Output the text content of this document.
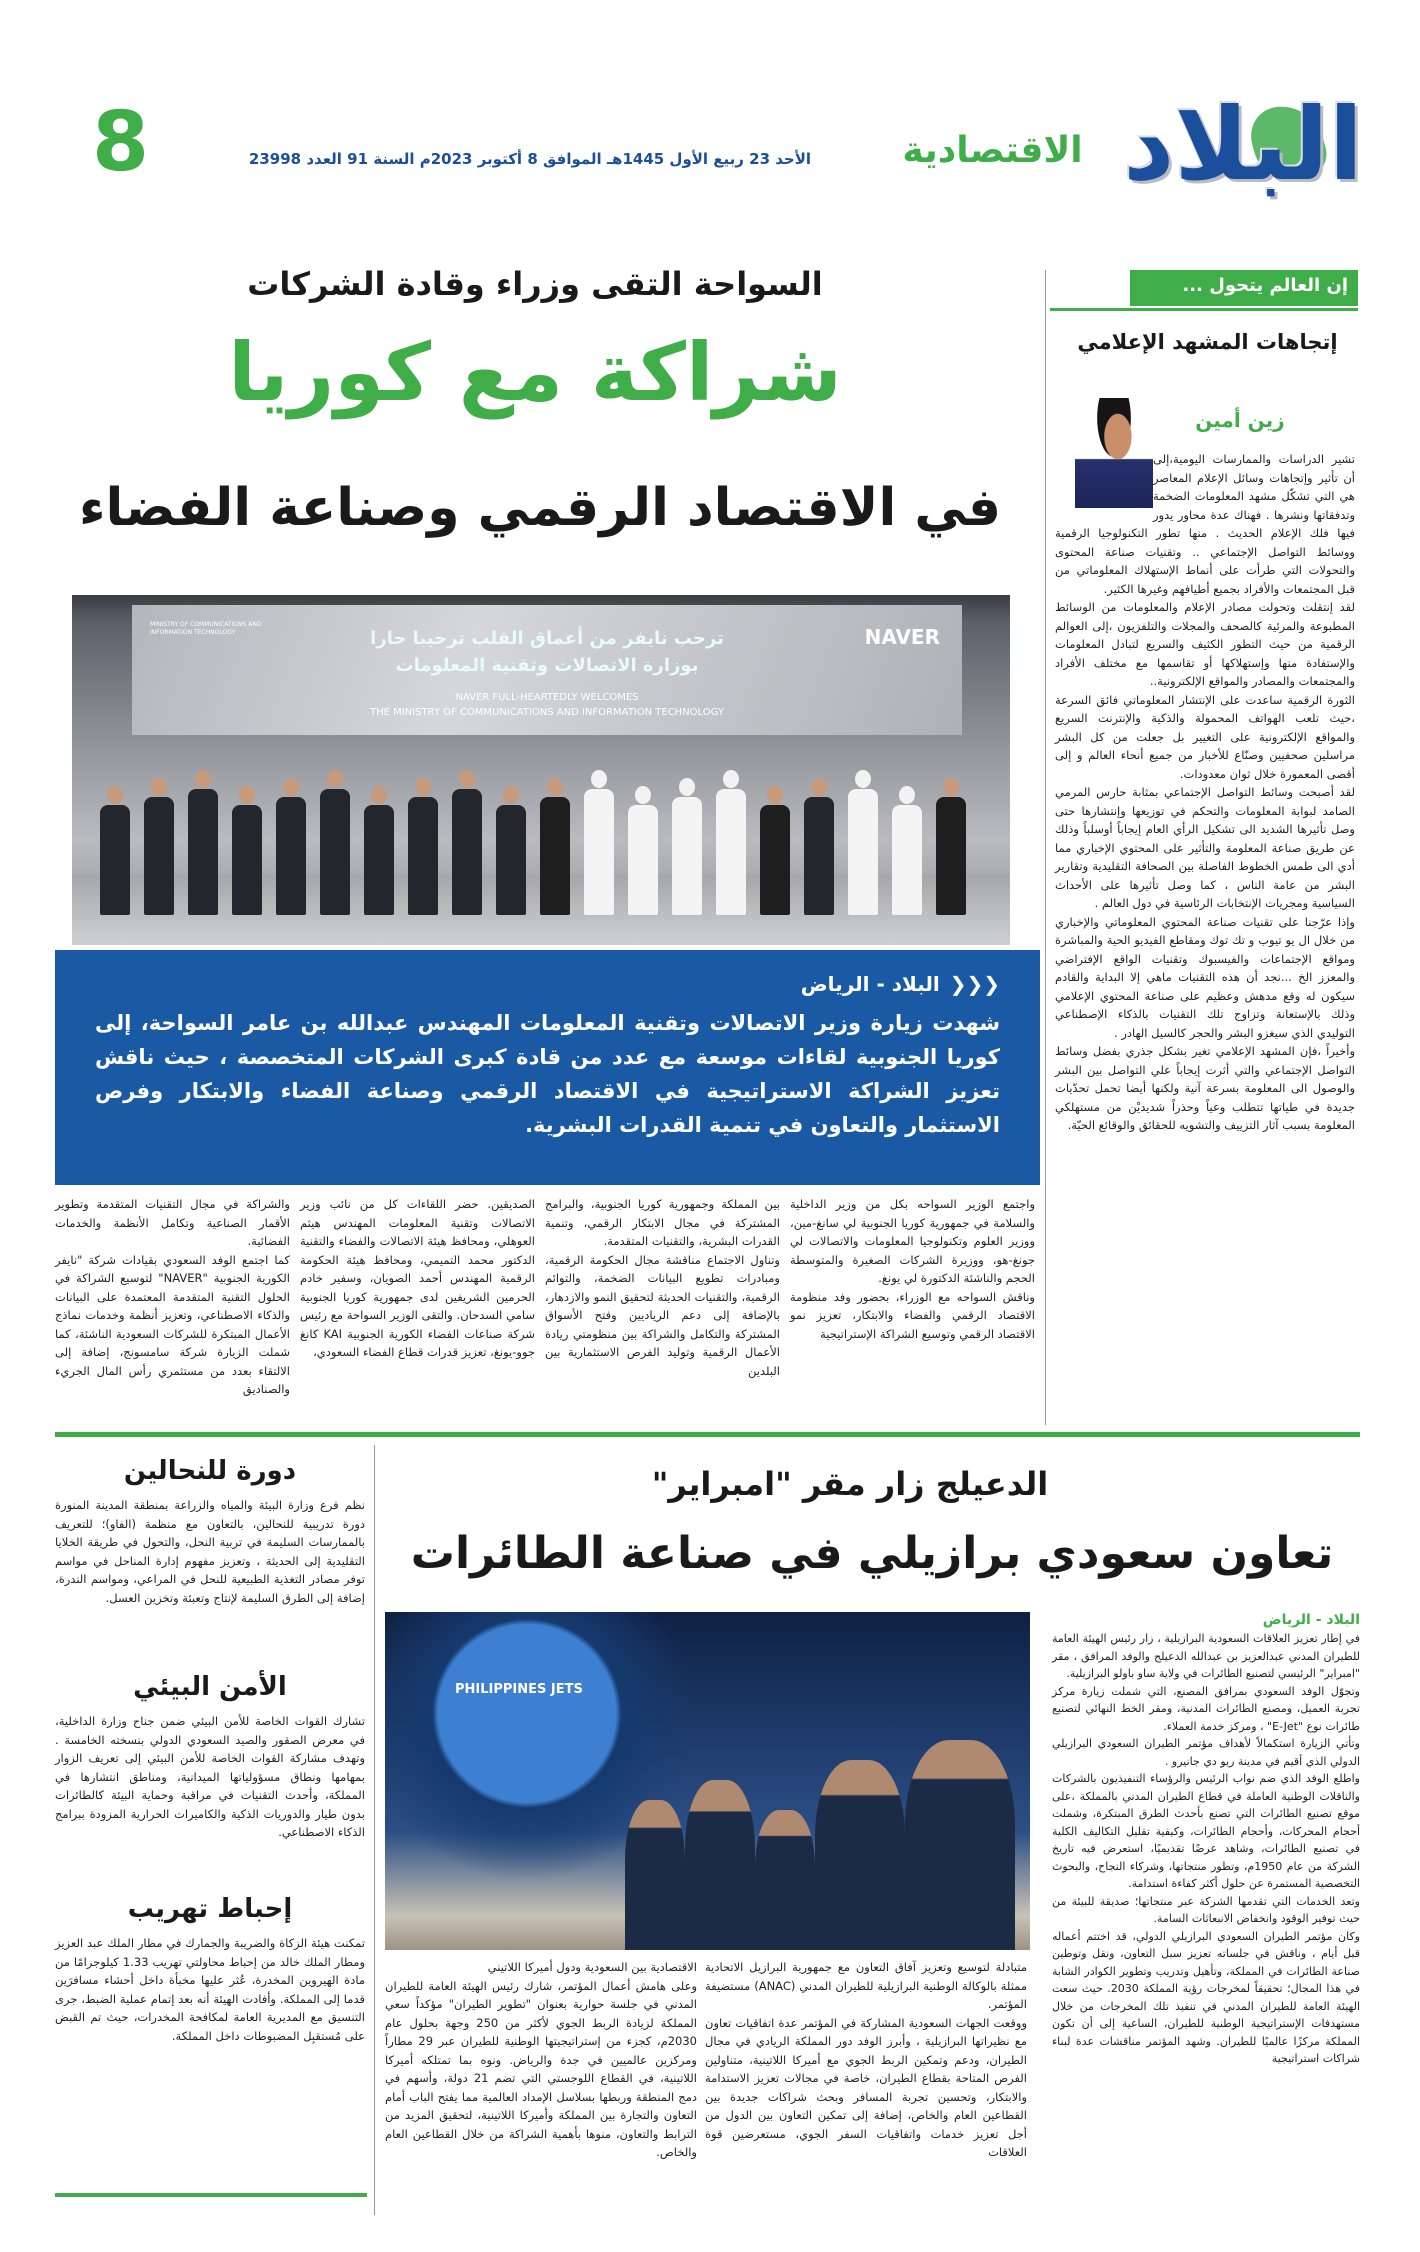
البلاد
الاقتصادية
الأحد 23 ربيع الأول 1445هـ الموافق 8 أكتوبر 2023م السنة 91 العدد 23998
8
إن العالم يتحول ...
إتجاهات المشهد الإعلامي
زين أمين

تشير الدراسات والممارسات اليومية،إلى أن تأثير وإتجاهات وسائل الإعلام المعاصر هي التي تشكّل مشهد المعلومات الضخمة وتدفقاتها ونشرها . فهناك عدة محاور يدور فيها فلك الإعلام الحديث . منها تطور التكنولوجيا الرقمية ووسائط التواصل الإجتماعي .. وتقنيات صناعة المحتوى والتحولات التي طرأت على أنماط الإستهلاك المعلوماتي من قبل المجتمعات والأفراد بجميع أطيافهم وغيرها الكثير.

لقد إنتقلت وتحولت مصادر الإعلام والمعلومات من الوسائط المطبوعة والمرئية كالصحف والمجلات والتلفزيون ،إلى العوالم الرقمية من حيث التطور الكثيف والسريع لتبادل المعلومات والإستفادة منها وإستهلاكها أو تقاسمها مع مختلف الأفراد والمجتمعات والمصادر والمواقع الإلكترونية..

الثورة الرقمية ساعدت على الإنتشار المعلوماتي فائق السرعة ،حيث تلعب الهواتف المحمولة والذكية والإنترنت السريع والمواقع الإلكترونية على التغيير بل جعلت من كل البشر مراسلين صحفيين وصنّاع للأخبار من جميع أنحاء العالم و إلى أقصى المعمورة خلال ثوان معدودات.

لقد أصبحت وسائط التواصل الإجتماعي بمثابة حارس المرمي الصامد لبوابة المعلومات والتحكم في توزيعها وإنتشارها حتى وصل تأثيرها الشديد الى تشكيل الرأي العام إيجاباً أوسلباً وذلك عن طريق صناعة المعلومة والتأثير على المحتوي الإخباري مما أدي الى طمس الخطوط الفاصلة بين الصحافة التقليدية وتقارير البشر من عامة الناس ، كما وصل تأثيرها على الأحداث السياسية ومجريات الإنتخابات الرئاسية في دول العالم .

وإذا عرّجنا على تقنيات صناعة المحتوي المعلوماتي والإخباري من خلال ال يو تيوب و تك توك ومقاطع الفيديو الحية والمباشرة ومواقع الإجتماعات والفيسبوك وتقنيات الواقع الإفتراضي والمعزز الخ ...نجد أن هذه التقنيات ماهي إلا البداية والقادم سيكون له وقع مدهش وعظيم على صناعة المحتوي الإعلامي وذلك بالإستعانة وتزاوج تلك التقنيات بالذكاء الإصطناعي التوليدي الذي سيغزو البشر والحجر كالسيل الهادر .

وأخيراً ،فإن المشهد الإعلامي تغير بشكل جذري بفضل وسائط التواصل الإجتماعي والتي أثرت إيجاباً علي التواصل بين البشر والوصول الى المعلومة بسرعة آنية ولكنها أيضا تحمل تحدّيات جديدة في طياتها تتطلب وعياً وحذراً شديديْن من مستهلكي المعلومة بسبب آثار التزييف والتشويه للحقائق والوقائع الحيّة.

السواحة التقى وزراء وقادة الشركات
شراكة مع كوريا
في الاقتصاد الرقمي وصناعة الفضاء
MINISTRY OF COMMUNICATIONS AND INFORMATION TECHNOLOGY	ترحب نايفر من أعماق القلب ترحيبا حارا
بوزارة الاتصالات وتقنية المعلومات
NAVER FULL-HEARTEDLY WELCOMES
THE MINISTRY OF COMMUNICATIONS AND INFORMATION TECHNOLOGY
NAVER
❮❮❮البلاد - الرياض
شهدت زيارة وزير الاتصالات وتقنية المعلومات المهندس عبدالله بن عامر السواحة، إلى كوريا الجنوبية لقاءات موسعة مع عدد من قادة كبرى الشركات المتخصصة ، حيث ناقش تعزيز الشراكة الاستراتيجية في الاقتصاد الرقمي وصناعة الفضاء والابتكار وفرص الاستثمار والتعاون في تنمية القدرات البشرية.

واجتمع الوزير السواحه بكل من وزير الداخلية والسلامة في جمهورية كوريا الجنوبية لي سانغ-مين، ووزير العلوم وتكنولوجيا المعلومات والاتصالات لي جونغ-هو، ووزيرة الشركات الصغيرة والمتوسطة الحجم والناشئة الدكتورة لي يونغ.

وناقش السواحه مع الوزراء، بحضور وفد منظومة الاقتصاد الرقمي والفضاء والابتكار، تعزيز نمو الاقتصاد الرقمي وتوسيع الشراكة الإستراتيجية

بين المملكة وجمهورية كوريا الجنوبية، والبرامج المشتركة في مجال الابتكار الرقمي، وتنمية القدرات البشرية، والتقنيات المتقدمة.

وتناول الاجتماع مناقشة مجال الحكومة الرقمية، ومبادرات تطويع البيانات الضخمة، والتوائم الرقمية، والتقنيات الحديثة لتحقيق النمو والازدهار، بالإضافة إلى دعم الرياديين وفتح الأسواق المشتركة والتكامل والشراكة بين منظومتي ريادة الأعمال الرقمية وتوليد الفرص الاستثمارية بين البلدين

الصديقين. حضر اللقاءات كل من نائب وزير الاتصالات وتقنية المعلومات المهندس هيثم العوهلي، ومحافظ هيئة الاتصالات والفضاء والتقنية الدكتور محمد التميمي، ومحافظ هيئة الحكومة الرقمية المهندس أحمد الصويان، وسفير خادم الحرمين الشريفين لدى جمهورية كوريا الجنوبية سامي السدحان. والتقى الوزير السواحة مع رئيس شركة صناعات الفضاء الكورية الجنوبية KAI كانغ جوو-يونغ، تعزيز قدرات قطاع الفضاء السعودي،

والشراكة في مجال التقنيات المتقدمة وتطوير الأقمار الصناعية وتكامل الأنظمة والخدمات الفضائية.

كما اجتمع الوفد السعودي بقيادات شركة "نايفر الكورية الجنوبية "NAVER" لتوسيع الشراكة في الحلول التقنية المتقدمة المعتمدة على البيانات والذكاء الاصطناعي، وتعزيز أنظمة وخدمات نماذج الأعمال المبتكرة للشركات السعودية الناشئة، كما شملت الزيارة شركة سامسونج، إضافة إلى الالتقاء بعدد من مستثمري رأس المال الجريء والصناديق

دورة للنحالين
نظم فرع وزارة البيئة والمياه والزراعة بمنطقة المدينة المنورة دورة تدريبية للنحالين، بالتعاون مع منظمة (الفاو)؛ للتعريف بالممارسات السليمة في تربية النحل، والتحول في طريقة الخلايا التقليدية إلى الحديثة ، وتعزيز مفهوم إدارة المناحل في مواسم توفر مصادر التغذية الطبيعية للنحل في المراعي، ومواسم الندرة، إضافة إلى الطرق السليمة لإنتاج وتعبئة وتخزين العسل.
الأمن البيئي
تشارك القوات الخاصة للأمن البيئي ضمن جناح وزارة الداخلية، في معرض الصقور والصيد السعودي الدولي بنسخته الخامسة . وتهدف مشاركة القوات الخاصة للأمن البيئي إلى تعريف الزوار بمهامها ونطاق مسؤولياتها الميدانية، ومناطق انتشارها في المملكة، وأحدث التقنيات في مراقبة وحماية البيئة كالطائرات بدون طيار والدوريات الذكية والكاميرات الحرارية المزودة ببرامج الذكاء الاصطناعي.
إحباط تهريب
تمكنت هيئة الزكاة والضريبة والجمارك في مطار الملك عبد العزيز ومطار الملك خالد من إحباط محاولتي تهريب 1.33 كيلوجرامًا من مادة الهيروين المخدرة، عُثر عليها مخبأة داخل أحشاء مسافرَين قدما إلى المملكة. وأفادت الهيئة أنه بعد إتمام عملية الضبط، جرى التنسيق مع المديرية العامة لمكافحة المخدرات، حيث تم القبض على مُستقبِل المضبوطات داخل المملكة.
الدعيلج زار مقر "امبراير"
تعاون سعودي برازيلي في صناعة الطائرات
PHILIPPINES JETS
البلاد - الرياض

في إطار تعزيز العلاقات السعودية البرازيلية ، زار رئيس الهيئة العامة للطيران المدني عبدالعزيز بن عبدالله الدعيلج والوفد المرافق ، مقر "امبراير" الرئيسي لتصنيع الطائرات في ولاية ساو باولو البرازيلية.

وتجوّل الوفد السعودي بمرافق المصنع، التي شملت زيارة مركز تجربة العميل، ومصنع الطائرات المدنية، ومقر الخط النهائي لتصنيع طائرات نوع "E-Jet" ، ومركز خدمة العملاء.

وتأتي الزيارة استكمالاً لأهداف مؤتمر الطيران السعودي البرازيلي الدولي الذي أقيم في مدينة ريو دي جانيرو .

واطلع الوفد الذي ضم نواب الرئيس والرؤساء التنفيذيون بالشركات والناقلات الوطنية العاملة في قطاع الطيران المدني بالمملكة ،على موقع تصنيع الطائرات التي تصنع بأحدث الطرق المبتكرة، وشملت أحجام المحركات، وأحجام الطائرات، وكيفية تقليل التكاليف الكلية في تصنيع الطائرات، وشاهد عرضًا تقديميًا، استعرض فيه تاريخ الشركة من عام 1950م، وتطور منتجاتها، وشركاء النجاح، والبحوث التخصصية المستمرة عن حلول أكثر كفاءة استدامة.

وتعد الخدمات التي تقدمها الشركة عبر منتجاتها؛ صديقة للبيئة من حيث توفير الوقود وانخفاض الانبعاثات السامة.

وكان مؤتمر الطيران السعودي البرازيلي الدولي، قد اختتم أعماله قبل أيام ، وناقش في جلساته تعزيز سبل التعاون، ونقل وتوطين صناعة الطائرات في المملكة، وتأهيل وتدريب وتطوير الكوادر الشابة في هذا المجال؛ تحقيقاً لمخرجات رؤية المملكة 2030. حيث سعت الهيئة العامة للطيران المدني في تنفيذ تلك المخرجات من خلال مستهدفات الإستراتيجية الوطنية للطيران، الساعية إلى أن تكون المملكة مركزًا عالميًا للطيران. وشهد المؤتمر مناقشات عدة لبناء شراكات استراتيجية

متبادلة لتوسيع وتعزيز آفاق التعاون مع جمهورية البرازيل الاتحادية ممثلة بالوكالة الوطنية البرازيلية للطيران المدني (ANAC) مستضيفة المؤتمر.

ووقعت الجهات السعودية المشاركة في المؤتمر عدة اتفاقيات تعاون مع نظيراتها البرازيلية ، وأبرز الوفد دور المملكة الريادي في مجال الطيران، ودعم وتمكين الربط الجوي مع أميركا اللاتينية، متناولين الفرص المتاحة بقطاع الطيران، خاصة في مجالات تعزيز الاستدامة والابتكار، وتحسين تجربة المسافر وبحث شراكات جديدة بين القطاعين العام والخاص، إضافة إلى تمكين التعاون بين الدول من أجل تعزيز خدمات واتفاقيات السفر الجوي، مستعرضين قوة العلاقات

الاقتصادية بين السعودية ودول أميركا اللاتيني

وعلى هامش أعمال المؤتمر، شارك رئيس الهيئة العامة للطيران المدني في جلسة حوارية بعنوان "تطوير الطيران" مؤكداً سعي المملكة لزيادة الربط الجوي لأكثر من 250 وجهة بحلول عام 2030م، كجزء من إستراتيجيتها الوطنية للطيران عبر 29 مطاراً ومركزين عالميين في جدة والرياض. ونوه بما تمتلكه أميركا اللاتينية، في القطاع اللوجستي التي تضم 21 دولة، وأسهم في دمج المنطقة وربطها بسلاسل الإمداد العالمية مما يفتح الباب أمام التعاون والتجارة بين المملكة وأميركا اللاتينية، لتحقيق المزيد من الترابط والتعاون، منوها بأهمية الشراكة من خلال القطاعين العام والخاص.
